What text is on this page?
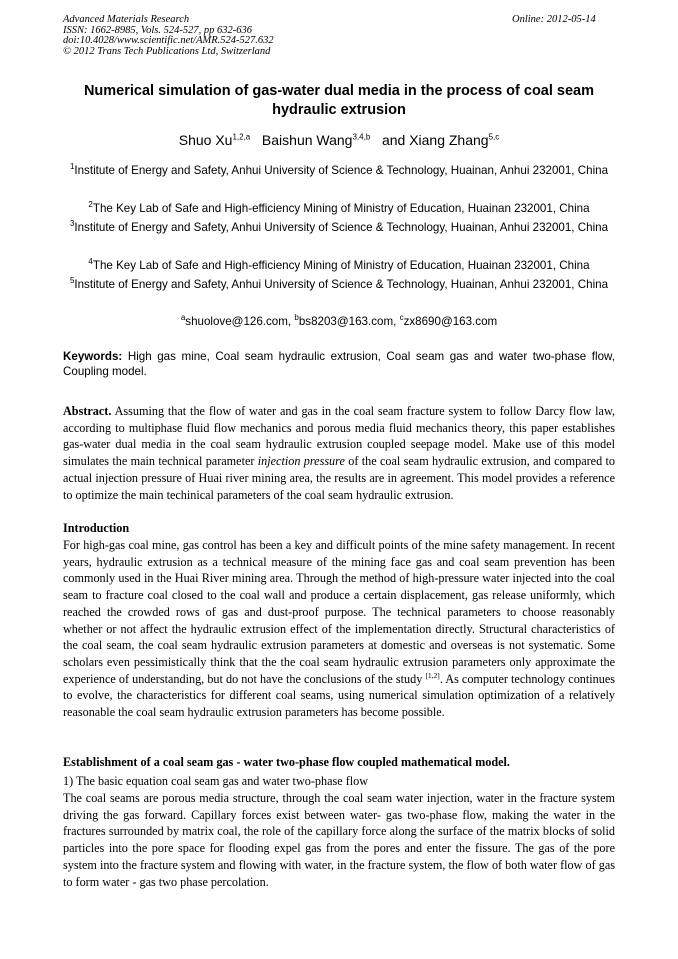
Advanced Materials Research
ISSN: 1662-8985, Vols. 524-527, pp 632-636
doi:10.4028/www.scientific.net/AMR.524-527.632
© 2012 Trans Tech Publications Ltd, Switzerland
Online: 2012-05-14
Numerical simulation of gas-water dual media in the process of coal seam hydraulic extrusion
Shuo Xu$^{1,2,a}$ Baishun Wang$^{3,4,b}$ and Xiang Zhang$^{5,c}$
$^1$Institute of Energy and Safety, Anhui University of Science & Technology, Huainan, Anhui 232001, China
$^2$The Key Lab of Safe and High-efficiency Mining of Ministry of Education, Huainan 232001, China
$^3$Institute of Energy and Safety, Anhui University of Science & Technology, Huainan, Anhui 232001, China
$^4$The Key Lab of Safe and High-efficiency Mining of Ministry of Education, Huainan 232001, China
$^5$Institute of Energy and Safety, Anhui University of Science & Technology, Huainan, Anhui 232001, China
$^a$shuolove@126.com, $^b$bs8203@163.com, $^c$zx8690@163.com
Keywords: High gas mine, Coal seam hydraulic extrusion, Coal seam gas and water two-phase flow, Coupling model.
Abstract. Assuming that the flow of water and gas in the coal seam fracture system to follow Darcy flow law, according to multiphase fluid flow mechanics and porous media fluid mechanics theory, this paper establishes gas-water dual media in the coal seam hydraulic extrusion coupled seepage model. Make use of this model simulates the main technical parameter injection pressure of the coal seam hydraulic extrusion, and compared to actual injection pressure of Huai river mining area, the results are in agreement. This model provides a reference to optimize the main techinical parameters of the coal seam hydraulic extrusion.
Introduction
For high-gas coal mine, gas control has been a key and difficult points of the mine safety management. In recent years, hydraulic extrusion as a technical measure of the mining face gas and coal seam prevention has been commonly used in the Huai River mining area. Through the method of high-pressure water injected into the coal seam to fracture coal closed to the coal wall and produce a certain displacement, gas release uniformly, which reached the crowded rows of gas and dust-proof purpose. The technical parameters to choose reasonably whether or not affect the hydraulic extrusion effect of the implementation directly. Structural characteristics of the coal seam, the coal seam hydraulic extrusion parameters at domestic and overseas is not systematic. Some scholars even pessimistically think that the the coal seam hydraulic extrusion parameters only approximate the experience of understanding, but do not have the conclusions of the study [1,2]. As computer technology continues to evolve, the characteristics for different coal seams, using numerical simulation optimization of a relatively reasonable the coal seam hydraulic extrusion parameters has become possible.
Establishment of a coal seam gas - water two-phase flow coupled mathematical model.
1) The basic equation coal seam gas and water two-phase flow
The coal seams are porous media structure, through the coal seam water injection, water in the fracture system driving the gas forward. Capillary forces exist between water- gas two-phase flow, making the water in the fractures surrounded by matrix coal, the role of the capillary force along the surface of the matrix blocks of solid particles into the pore space for flooding expel gas from the pores and enter the fissure. The gas of the pore system into the fracture system and flowing with water, in the fracture system, the flow of both water flow of gas to form water - gas two phase percolation.
